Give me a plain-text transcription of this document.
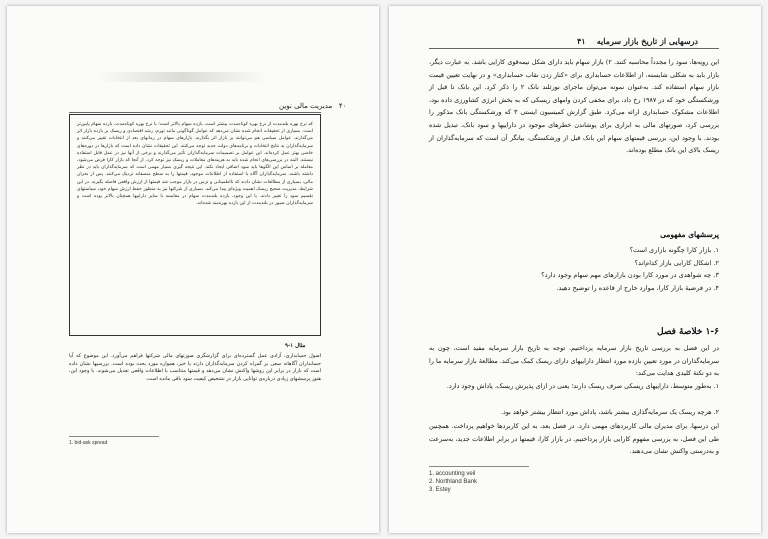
۴۰   مدیریت مالی نوین

که نرخ بهره بلندمدت از نرخ بهره کوتاه‌مدت بیشتر است، بازده سهام بالاتر است؛ با نرخ بهره کوتاه‌مدت، بازده سهام پایین‌تر است. بسیاری از تحقیقات انجام شده نشان می‌دهد که عوامل گوناگونی مانند تورم، رشد اقتصادی و ریسک بر بازده بازار اثر می‌گذارند. عوامل سیاسی هم می‌توانند بر بازار اثر بگذارند. بازارهای سهام در زمانهای بعد از انتخابات تغییر می‌کنند و سرمایه‌گذاران به نتایج انتخابات و برنامه‌های دولت جدید توجه می‌کنند. این تحقیقات نشان داده است که بازارها در دوره‌های خاصی بهتر عمل کرده‌اند. این عوامل بر تصمیمات سرمایه‌گذاران تأثیر می‌گذارند و برخی از آنها نیز در عمل قابل استفاده نیستند. البته در بررسی‌های انجام شده باید به هزینه‌های معاملات و ریسک نیز توجه کرد. از آنجا که بازار کارا فرض می‌شود، معامله بر اساس این الگوها باید سود اضافی ایجاد نکند. این نتیجه گیری بسیار مهمی است که سرمایه‌گذاران باید در نظر داشته باشند. سرمایه‌گذاران آگاه با استفاده از اطلاعات موجود، قیمتها را به سطح منصفانه نزدیک می‌کنند. پس از بحران مالی، بسیاری از مطالعات نشان دادند که نااطمینانی و ترس در بازار موجب شد قیمتها از ارزش واقعی فاصله بگیرند. در این شرایط، مدیریت صحیح ریسک اهمیت ویژه‌ای پیدا می‌کند. بسیاری از شرکتها نیز به منظور حفظ ارزش سهام خود، سیاستهای تقسیم سود را تغییر دادند. با این وجود، بازده بلندمدت سهام در مقایسه با سایر داراییها همچنان بالاتر بوده است و سرمایه‌گذاران صبور در بلندمدت از این بازده بهره‌مند شده‌اند.

مثال ۱-۹

اصول حسابداری، آزادی عمل گسترده‌ای برای گزارشگری صورتهای مالی شرکتها فراهم می‌آورد. این موضوع که آیا حسابداران آگاهانه سعی بر گمراه کردن سرمایه‌گذاران دارند یا خیر، همواره مورد بحث بوده است. بررسیها نشان داده است که بازار در برابر این روشها واکنش نشان می‌دهد و قیمتها متناسب با اطلاعات واقعی تعدیل می‌شوند. با وجود این، هنوز پرسشهای زیادی درباره‌ی توانایی بازار در تشخیص کیفیت سود باقی مانده است.

1. bid-ask spread
درسهایی از تاریخ بازار سرمایه    ۴۱

این رویه‌ها، سود را مجدداً محاسبه کنند. ۲) بازار سهام باید دارای شکل نیمه‌قوی کارایی باشد. به عبارت دیگر، بازار باید به شکلی شایسته، از اطلاعات حسابداری برای «کنار زدن نقاب حسابداری» و در نهایت تعیین قیمت بازار سهام استفاده کند. به‌عنوان نمونه می‌توان ماجرای نورثلند بانک ۲ را ذکر کرد. این بانک تا قبل از ورشکستگی خود که در ۱۹۸۷ رخ داد، برای مخفی کردن وامهای ریسکی که به بخش انرژی کشاورزی داده بود، اطلاعات مشکوک حسابداری ارائه می‌کرد. طبق گزارش کمیسیون ایستی ۳ که ورشکستگی بانک مذکور را بررسی کرد، صورتهای مالی به ابزاری برای پوشاندن خطرهای موجود در داراییها و سود بانک، تبدیل شده بودند. با وجود این، بررسی قیمتهای سهام این بانک قبل از ورشکستگی، بیانگر آن است که سرمایه‌گذاران از ریسک بالای این بانک مطلع بوده‌اند.

پرسشهای مفهومی
۱. بازار کارا چگونه بازاری است؟
۲. اشکال کارایی بازار کدام‌اند؟
۳. چه شواهدی در مورد کارا بودن بازارهای مهم سهام وجود دارد؟
۴. در فرضیهٔ بازار کارا، موارد خارج از قاعده را توضیح دهید.
۱-۶ خلاصهٔ فصل

در این فصل به بررسی تاریخ بازار سرمایه پرداختیم. توجه به تاریخ بازار سرمایه مفید است، چون به سرمایه‌گذاران در مورد تعیین بازده مورد انتظار داراییهای دارای ریسک کمک می‌کند. مطالعهٔ بازار سرمایه ما را به دو نکتهٔ کلیدی هدایت می‌کند:

۱. به‌طور متوسط، داراییهای ریسکی صرف ریسک دارند؛ یعنی در ازای پذیرش ریسک، پاداش وجود دارد.

۲. هرچه ریسک یک سرمایه‌گذاری بیشتر باشد، پاداش مورد انتظار بیشتر خواهد بود.

این درسها، برای مدیران مالی کاربردهای مهمی دارد. در فصل بعد، به این کاربردها خواهیم پرداخت. همچنین طی این فصل، به بررسی مفهوم کارایی بازار پرداختیم. در بازار کارا، قیمتها در برابر اطلاعات جدید، به‌سرعت و به‌درستی واکنش نشان می‌دهند.

1. accounting veil
2. Northland Bank
3. Estey
